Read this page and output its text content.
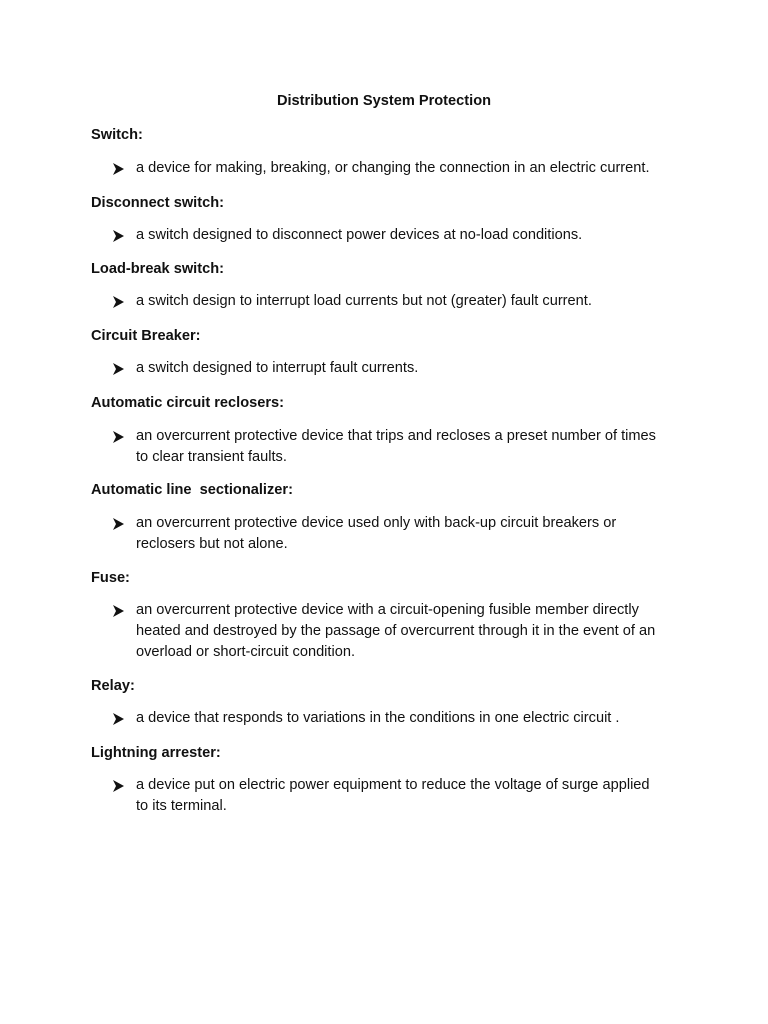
Distribution System Protection
Switch:
a device for making, breaking, or changing the connection in an electric current.
Disconnect switch:
a switch designed to disconnect power devices at no-load conditions.
Load-break switch:
a switch design to interrupt load currents but not (greater) fault current.
Circuit Breaker:
a switch designed to interrupt fault currents.
Automatic circuit reclosers:
an overcurrent protective device that trips and recloses a preset number of times
to clear transient faults.
Automatic line  sectionalizer:
an overcurrent protective device used only with back-up circuit breakers or
reclosers but not alone.
Fuse:
an overcurrent protective device with a circuit-opening fusible member directly
heated and destroyed by the passage of overcurrent through it in the event of an
overload or short-circuit condition.
Relay:
a device that responds to variations in the conditions in one electric circuit .
Lightning arrester:
a device put on electric power equipment to reduce the voltage of surge applied
to its terminal.
